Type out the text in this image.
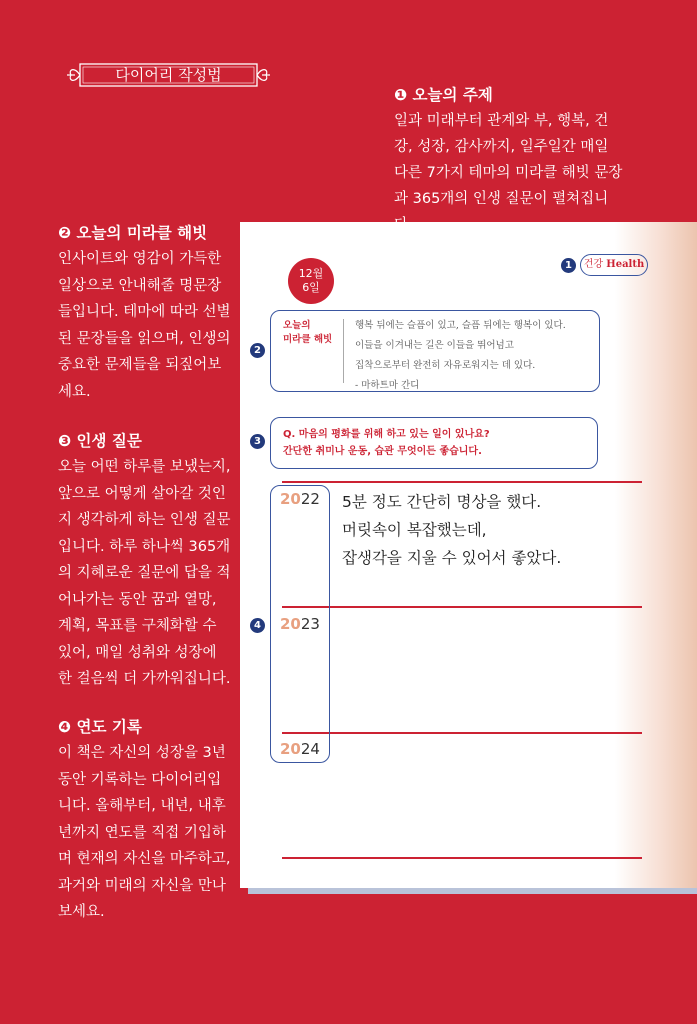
다이어리 작성법

❶ 오늘의 주제

일과 미래부터 관계와 부, 행복, 건
강, 성장, 감사까지, 일주일간 매일
다른 7가지 테마의 미라클 해빗 문장
과 365개의 인생 질문이 펼쳐집니

❷ 오늘의 미라클 해빗

인사이트와 영감이 가득한
일상으로 안내해줄 명문장
들입니다. 테마에 따라 선별
된 문장들을 읽으며, 인생의
중요한 문제들을 되짚어보
세요.

❸ 인생 질문

오늘 어떤 하루를 보냈는지,
앞으로 어떻게 살아갈 것인
지 생각하게 하는 인생 질문
입니다. 하루 하나씩 365개
의 지혜로운 질문에 답을 적
어나가는 동안 꿈과 열망,
계획, 목표를 구체화할 수
있어, 매일 성취와 성장에
한 걸음씩 더 가까워집니다.

❹ 연도 기록

이 책은 자신의 성장을 3년
동안 기록하는 다이어리입
니다. 올해부터, 내년, 내후
년까지 연도를 직접 기입하
며 현재의 자신을 마주하고,
과거와 미래의 자신을 만나
보세요.

12월
6일
1	건강 Health
2
오늘의
미라클 해빗
행복 뒤에는 슬픔이 있고, 슬픔 뒤에는 행복이 있다.
이들을 이겨내는 길은 이들을 뛰어넘고
집착으로부터 완전히 자유로워지는 데 있다.
- 마하트마 간디
3
Q. 마음의 평화를 위해 하고 있는 일이 있나요?
간단한 취미나 운동, 습관 무엇이든 좋습니다.
4
2022
2023
2024
5분 정도 간단히 명상을 했다.
머릿속이 복잡했는데,
잡생각을 지울 수 있어서 좋았다.
